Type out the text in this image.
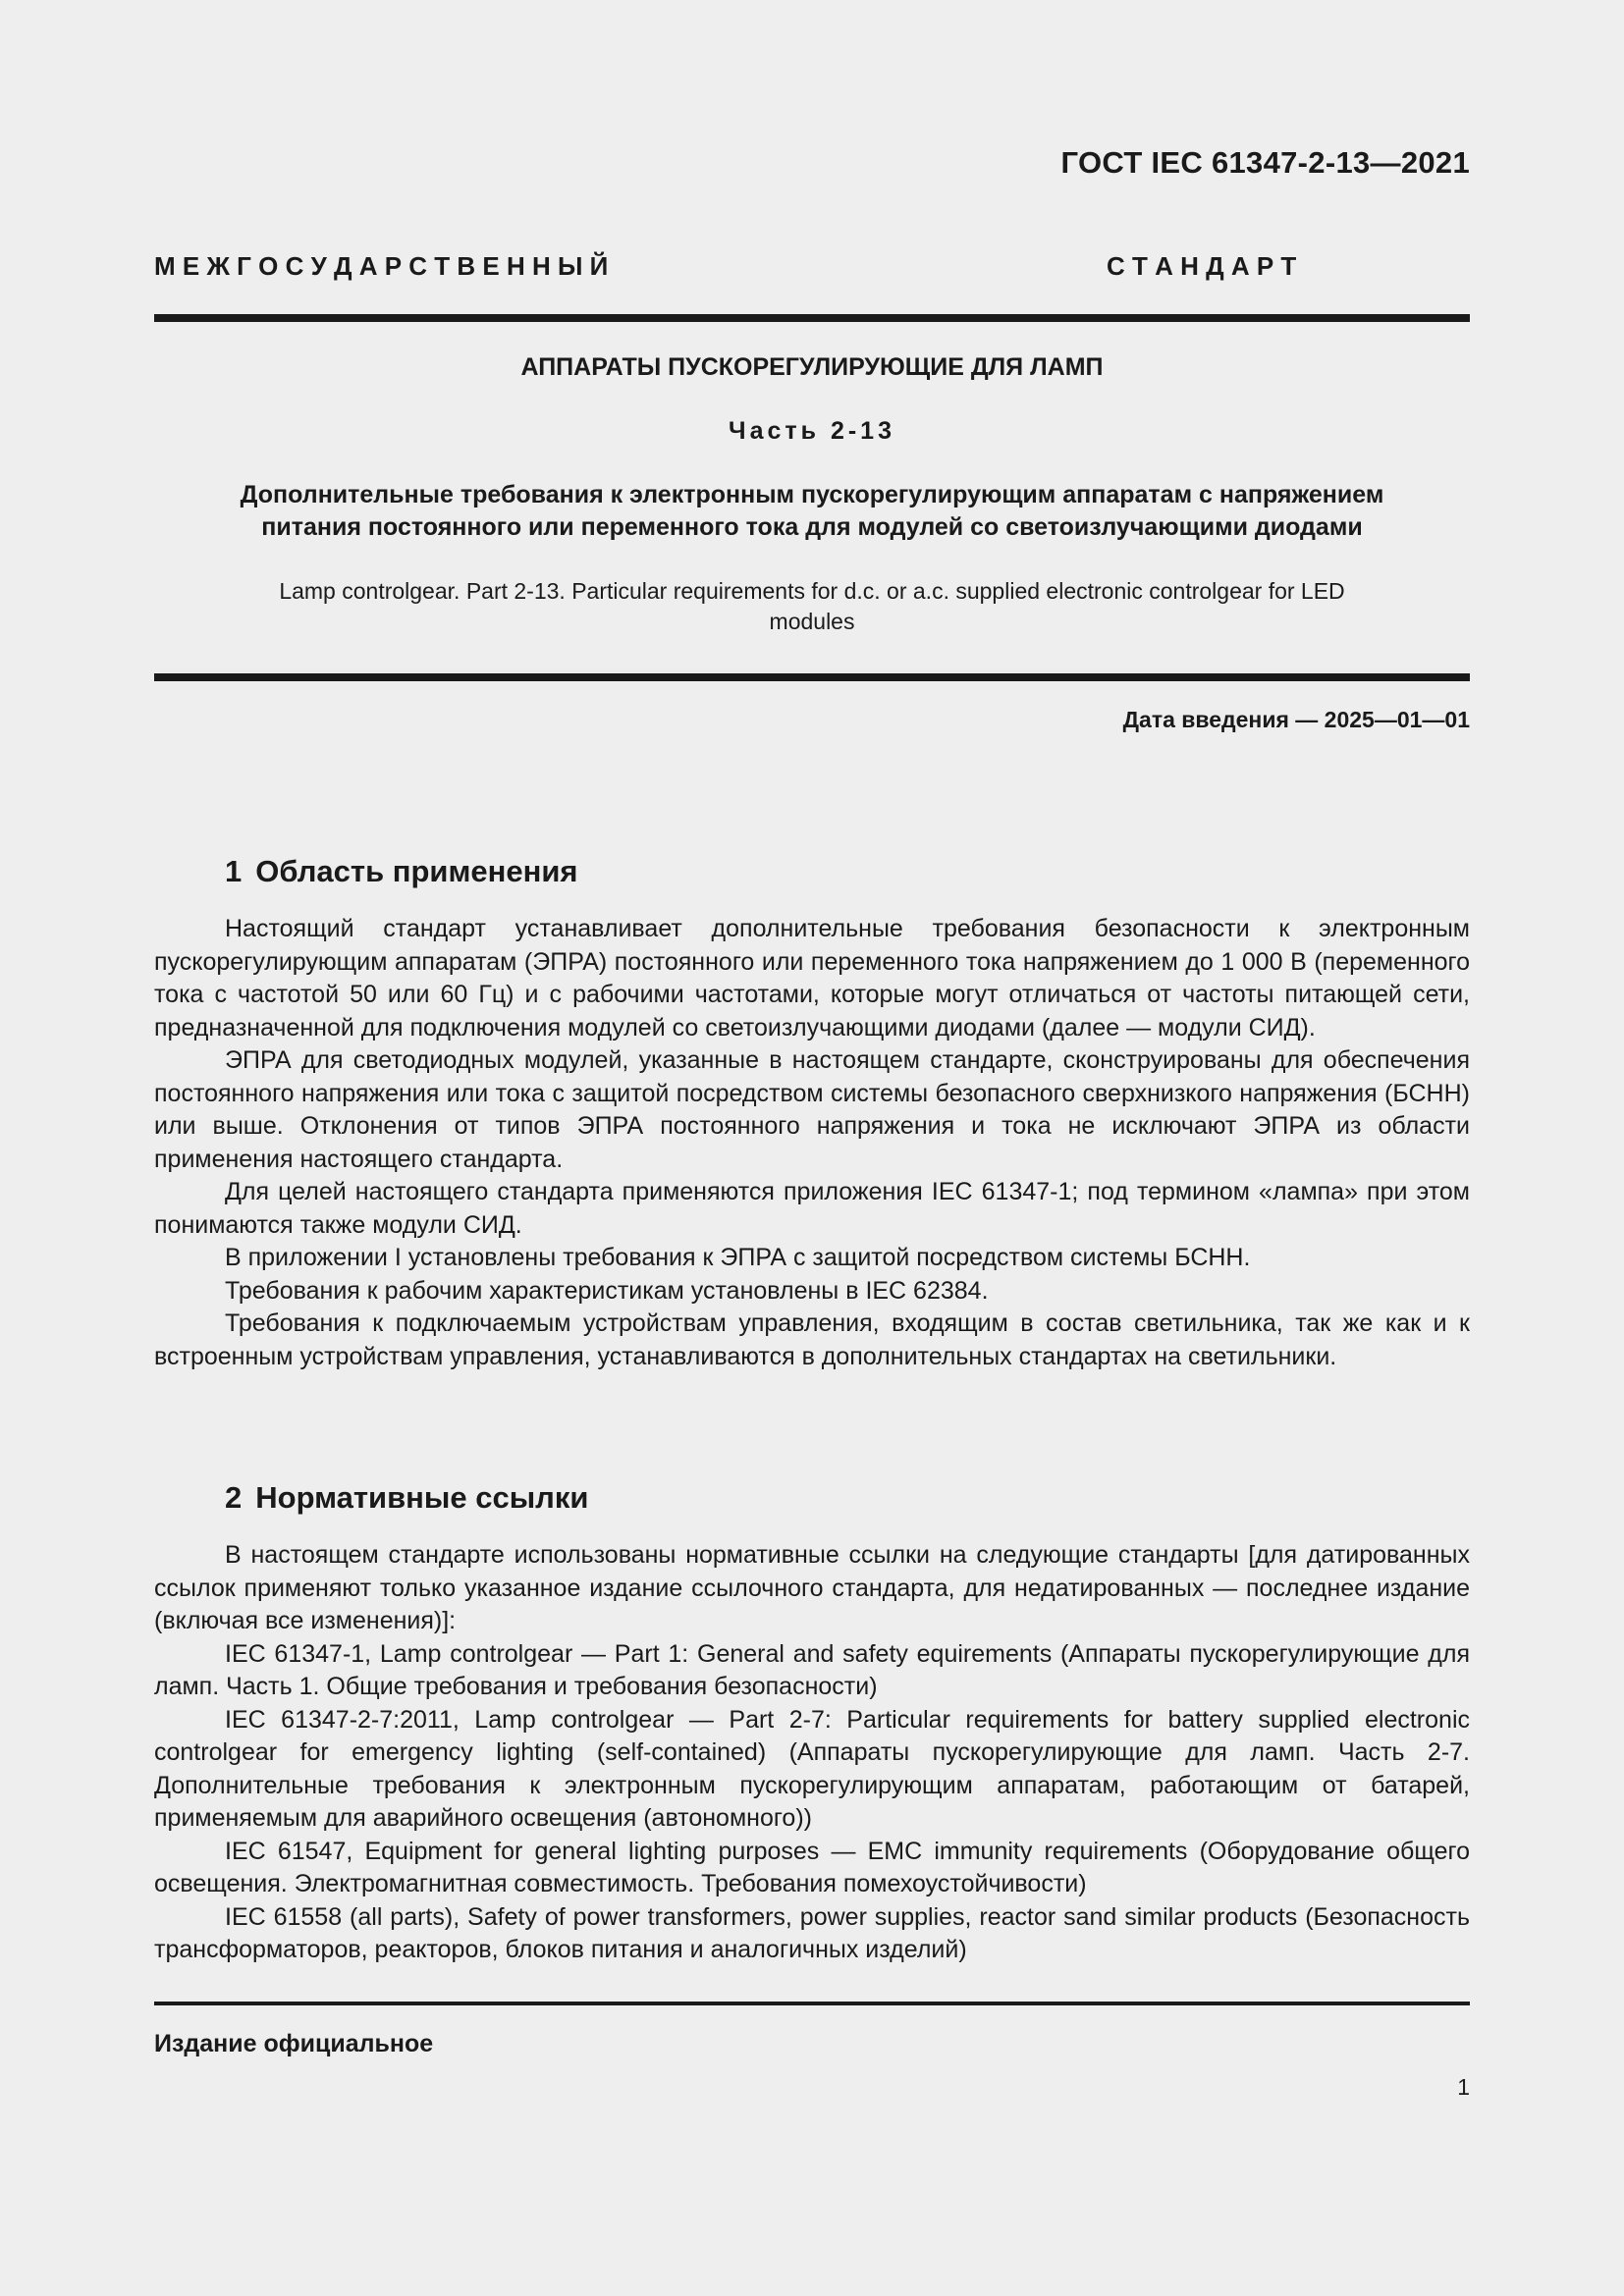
ГОСТ IEC 61347-2-13—2021
М Е Ж Г О С У Д А Р С Т В Е Н Н Ы Й	С Т А Н Д А Р Т
АППАРАТЫ ПУСКОРЕГУЛИРУЮЩИЕ ДЛЯ ЛАМП
Часть 2-13
Дополнительные требования к электронным пускорегулирующим аппаратам с напряжением
питания постоянного или переменного тока для модулей со светоизлучающими диодами
Lamp controlgear. Part 2-13. Particular requirements for d.c. or a.c. supplied electronic controlgear for LED
modules
Дата введения — 2025—01—01
1 Область применения

Настоящий стандарт устанавливает дополнительные требования безопасности к электронным пускорегулирующим аппаратам (ЭПРА) постоянного или переменного тока напряжением до 1 000 В (переменного тока с частотой 50 или 60 Гц) и с рабочими частотами, которые могут отличаться от частоты питающей сети, предназначенной для подключения модулей со светоизлучающими диодами (далее — модули СИД).

ЭПРА для светодиодных модулей, указанные в настоящем стандарте, сконструированы для обеспечения постоянного напряжения или тока с защитой посредством системы безопасного сверхнизкого напряжения (БСНН) или выше. Отклонения от типов ЭПРА постоянного напряжения и тока не исключают ЭПРА из области применения настоящего стандарта.

Для целей настоящего стандарта применяются приложения IEC 61347-1; под термином «лампа» при этом понимаются также модули СИД.

В приложении I установлены требования к ЭПРА с защитой посредством системы БСНН.

Требования к рабочим характеристикам установлены в IEC 62384.

Требования к подключаемым устройствам управления, входящим в состав светильника, так же как и к встроенным устройствам управления, устанавливаются в дополнительных стандартах на светильники.

2 Нормативные ссылки

В настоящем стандарте использованы нормативные ссылки на следующие стандарты [для датированных ссылок применяют только указанное издание ссылочного стандарта, для недатированных — последнее издание (включая все изменения)]:

IEC 61347-1, Lamp controlgear — Part 1: General and safety equirements (Аппараты пускорегулирующие для ламп. Часть 1. Общие требования и требования безопасности)

IEC 61347-2-7:2011, Lamp controlgear — Part 2-7: Particular requirements for battery supplied electronic controlgear for emergency lighting (self-contained) (Аппараты пускорегулирующие для ламп. Часть 2-7. Дополнительные требования к электронным пускорегулирующим аппаратам, работающим от батарей, применяемым для аварийного освещения (автономного))

IEC 61547, Equipment for general lighting purposes — EMC immunity requirements (Оборудование общего освещения. Электромагнитная совместимость. Требования помехоустойчивости)

IEC 61558 (all parts), Safety of power transformers, power supplies, reactor sand similar products (Безопасность трансформаторов, реакторов, блоков питания и аналогичных изделий)

Издание официальное
1
